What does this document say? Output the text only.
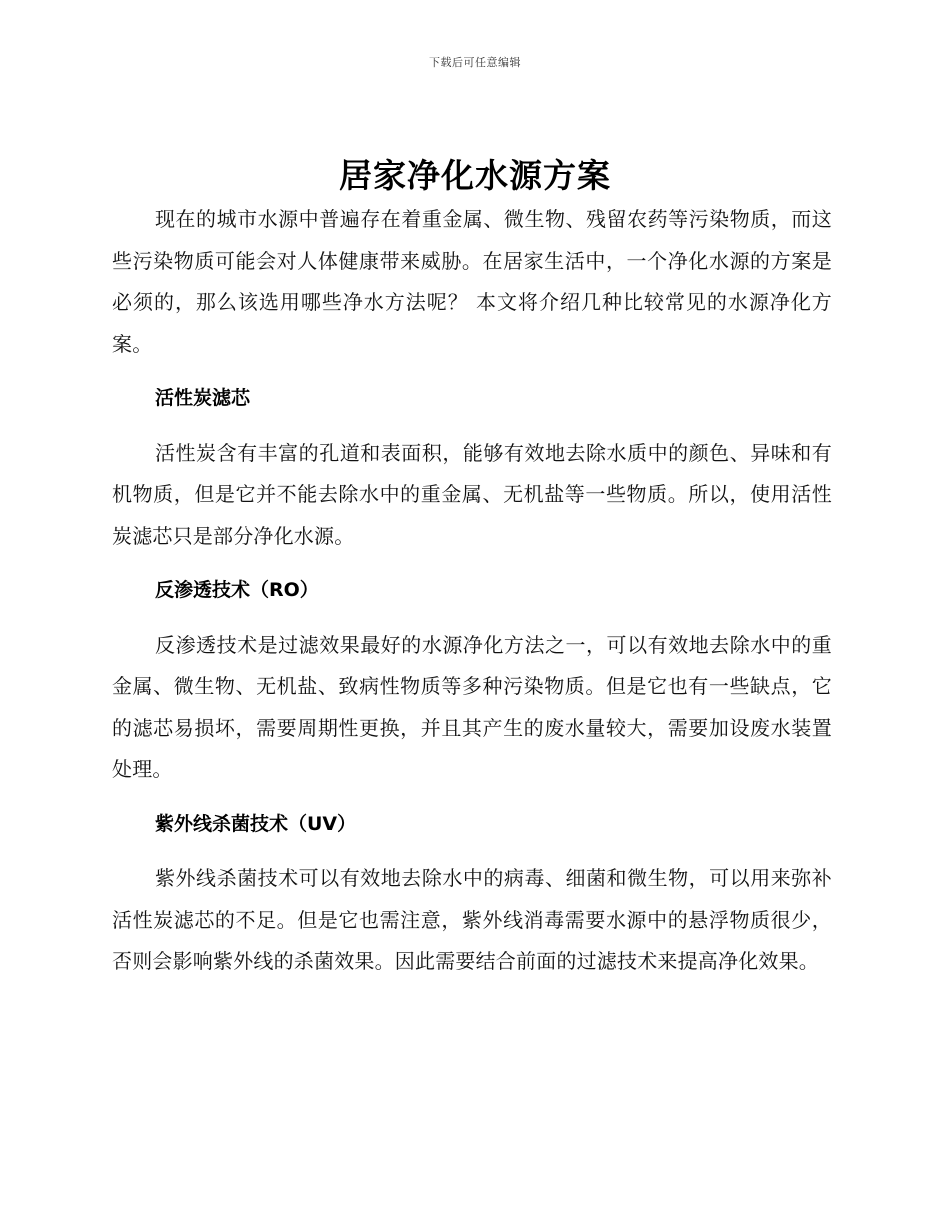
下载后可任意编辑
居家净化水源方案

现在的城市水源中普遍存在着重金属、微生物、残留农药等污染物质，而这些污染物质可能会对人体健康带来威胁。在居家生活中，一个净化水源的方案是必须的，那么该选用哪些净水方法呢？ 本文将介绍几种比较常见的水源净化方案。

活性炭滤芯

活性炭含有丰富的孔道和表面积，能够有效地去除水质中的颜色、异味和有机物质，但是它并不能去除水中的重金属、无机盐等一些物质。所以，使用活性炭滤芯只是部分净化水源。

反渗透技术（RO）

反渗透技术是过滤效果最好的水源净化方法之一，可以有效地去除水中的重金属、微生物、无机盐、致病性物质等多种污染物质。但是它也有一些缺点，它的滤芯易损坏，需要周期性更换，并且其产生的废水量较大，需要加设废水装置处理。

紫外线杀菌技术（UV）

紫外线杀菌技术可以有效地去除水中的病毒、细菌和微生物，可以用来弥补活性炭滤芯的不足。但是它也需注意，紫外线消毒需要水源中的悬浮物质很少，否则会影响紫外线的杀菌效果。因此需要结合前面的过滤技术来提高净化效果。
